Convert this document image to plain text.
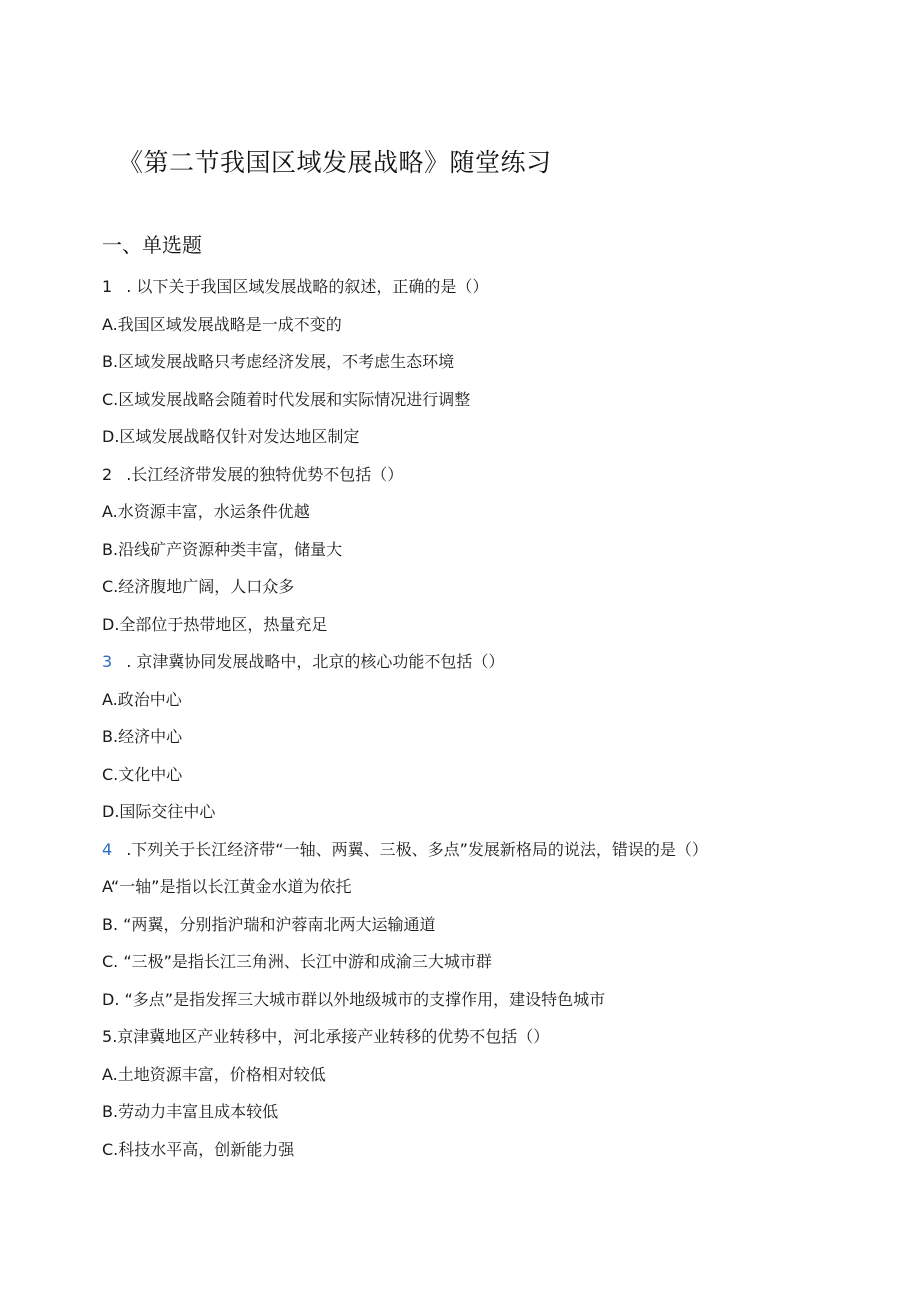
《第二节我国区域发展战略》随堂练习
一、单选题
1 . 以下关于我国区域发展战略的叙述，正确的是（）
A.我国区域发展战略是一成不变的
B.区域发展战略只考虑经济发展，不考虑生态环境
C.区域发展战略会随着时代发展和实际情况进行调整
D.区域发展战略仅针对发达地区制定
2 .长江经济带发展的独特优势不包括（）
A.水资源丰富，水运条件优越
B.沿线矿产资源种类丰富，储量大
C.经济腹地广阔，人口众多
D.全部位于热带地区，热量充足
3 . 京津冀协同发展战略中，北京的核心功能不包括（）
A.政治中心
B.经济中心
C.文化中心
D.国际交往中心
4 .下列关于长江经济带“一轴、两翼、三极、多点”发展新格局的说法，错误的是（）
A“一轴”是指以长江黄金水道为依托
B. “两翼，分别指沪瑞和沪蓉南北两大运输通道
C. “三极”是指长江三角洲、长江中游和成渝三大城市群
D. “多点”是指发挥三大城市群以外地级城市的支撑作用，建设特色城市
5.京津冀地区产业转移中，河北承接产业转移的优势不包括（）
A.土地资源丰富，价格相对较低
B.劳动力丰富且成本较低
C.科技水平高，创新能力强
